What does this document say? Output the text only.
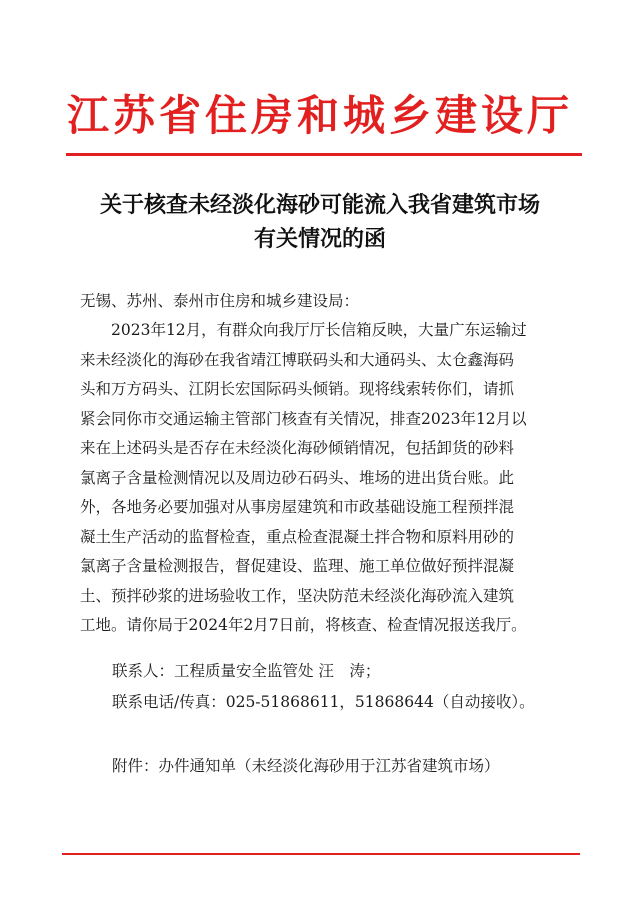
江苏省住房和城乡建设厅
关于核查未经淡化海砂可能流入我省建筑市场
有关情况的函
无锡、苏州、泰州市住房和城乡建设局：
2023年12月，有群众向我厅厅长信箱反映，大量广东运输过
来未经淡化的海砂在我省靖江博联码头和大通码头、太仓鑫海码
头和万方码头、江阴长宏国际码头倾销。现将线索转你们，请抓
紧会同你市交通运输主管部门核查有关情况，排查2023年12月以
来在上述码头是否存在未经淡化海砂倾销情况，包括卸货的砂料
氯离子含量检测情况以及周边砂石码头、堆场的进出货台账。此
外，各地务必要加强对从事房屋建筑和市政基础设施工程预拌混
凝土生产活动的监督检查，重点检查混凝土拌合物和原料用砂的
氯离子含量检测报告，督促建设、监理、施工单位做好预拌混凝
土、预拌砂浆的进场验收工作，坚决防范未经淡化海砂流入建筑
工地。请你局于2024年2月7日前，将核查、检查情况报送我厅。
联系人：工程质量安全监管处 汪　涛；
联系电话/传真：025-51868611，51868644（自动接收）。
附件：办件通知单（未经淡化海砂用于江苏省建筑市场）
